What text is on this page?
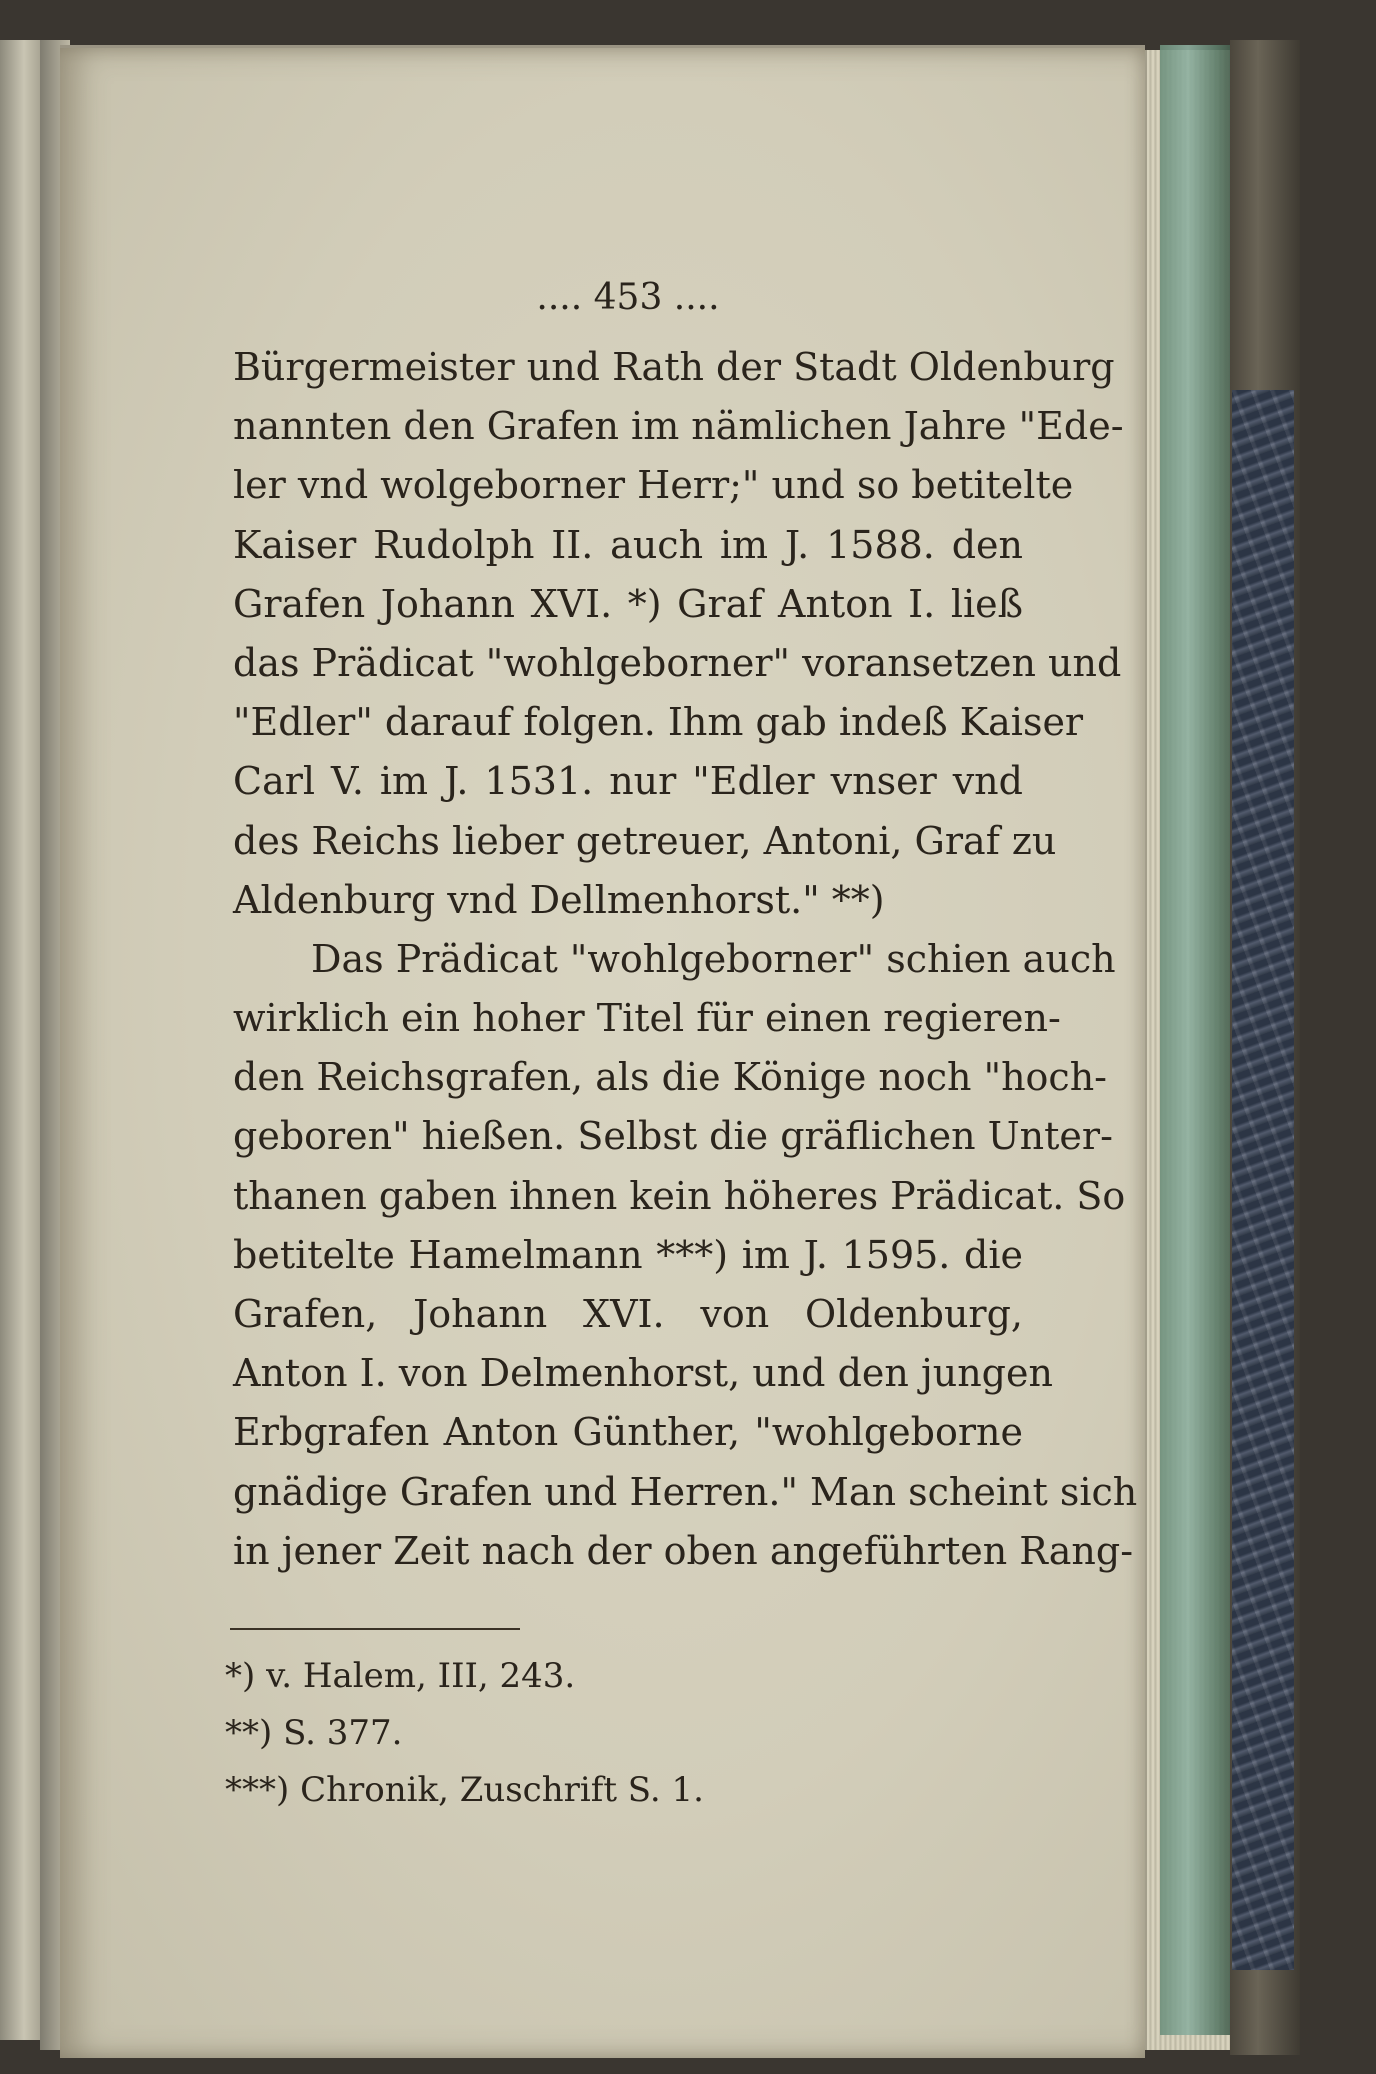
.... 453 ....
Bürgermeister und Rath der Stadt Oldenburg
nannten den Grafen im nämlichen Jahre "Ede-
ler vnd wolgeborner Herr;" und so betitelte
Kaiser Rudolph II. auch im J. 1588. den
Grafen Johann XVI. *) Graf Anton I. ließ
das Prädicat "wohlgeborner" voransetzen und
"Edler" darauf folgen. Ihm gab indeß Kaiser
Carl V. im J. 1531. nur "Edler vnser vnd
des Reichs lieber getreuer, Antoni, Graf zu
Aldenburg vnd Dellmenhorst." **)
Das Prädicat "wohlgeborner" schien auch
wirklich ein hoher Titel für einen regieren-
den Reichsgrafen, als die Könige noch "hoch-
geboren" hießen. Selbst die gräflichen Unter-
thanen gaben ihnen kein höheres Prädicat. So
betitelte Hamelmann ***) im J. 1595. die
Grafen, Johann XVI. von Oldenburg,
Anton I. von Delmenhorst, und den jungen
Erbgrafen Anton Günther, "wohlgeborne
gnädige Grafen und Herren." Man scheint sich
in jener Zeit nach der oben angeführten Rang-
*) v. Halem, III, 243.
**) S. 377.
***) Chronik, Zuschrift S. 1.
